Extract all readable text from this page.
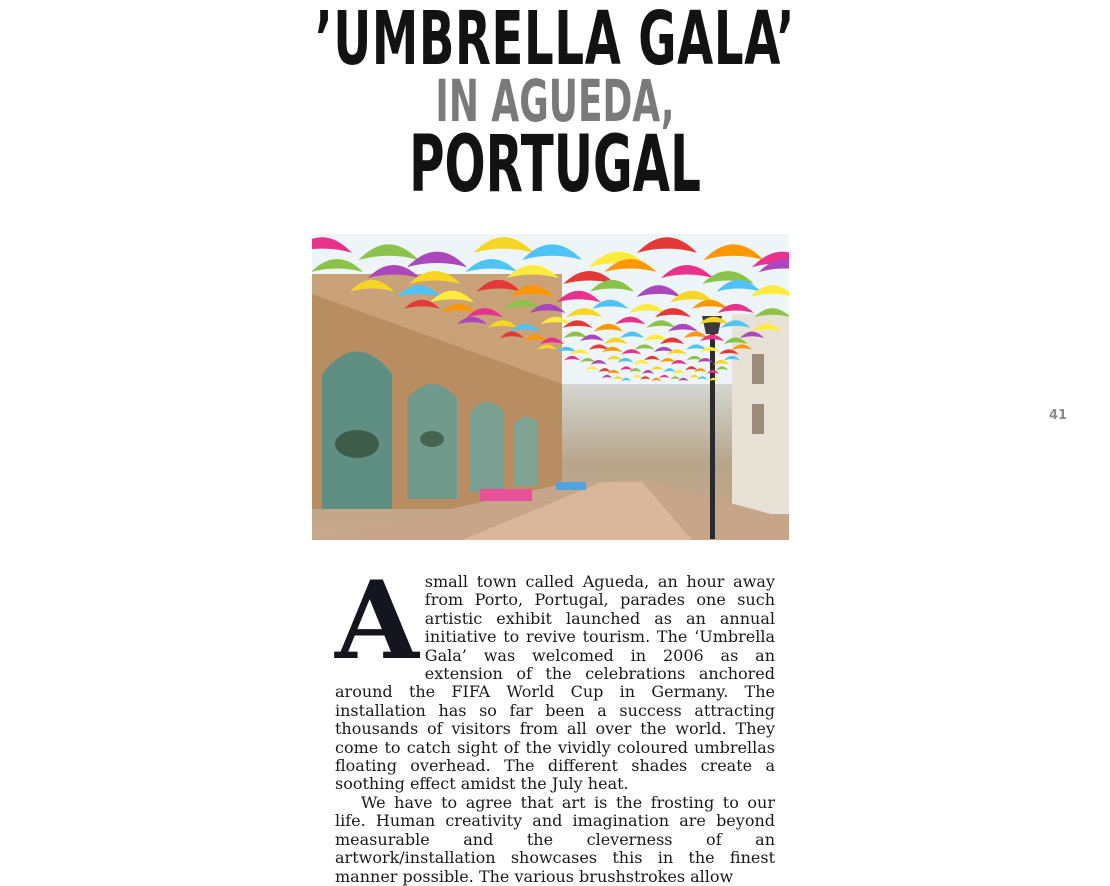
’UMBRELLA GALA’
IN AGUEDA,
PORTUGAL
41

Asmall town called Agueda, an hour away from Porto, Portugal, parades one such artistic exhibit launched as an annual initiative to revive tourism. The ‘Umbrella Gala’ was welcomed in 2006 as an extension of the celebrations anchored around the FIFA World Cup in Germany. The installation has so far been a success attracting thousands of visitors from all over the world. They come to catch sight of the vividly coloured umbrellas floating overhead. The different shades create a soothing effect amidst the July heat.

We have to agree that art is the frosting to our life. Human creativity and imagination are beyond measurable and the cleverness of an artwork/installation showcases this in the finest manner possible. The various brushstrokes allow
